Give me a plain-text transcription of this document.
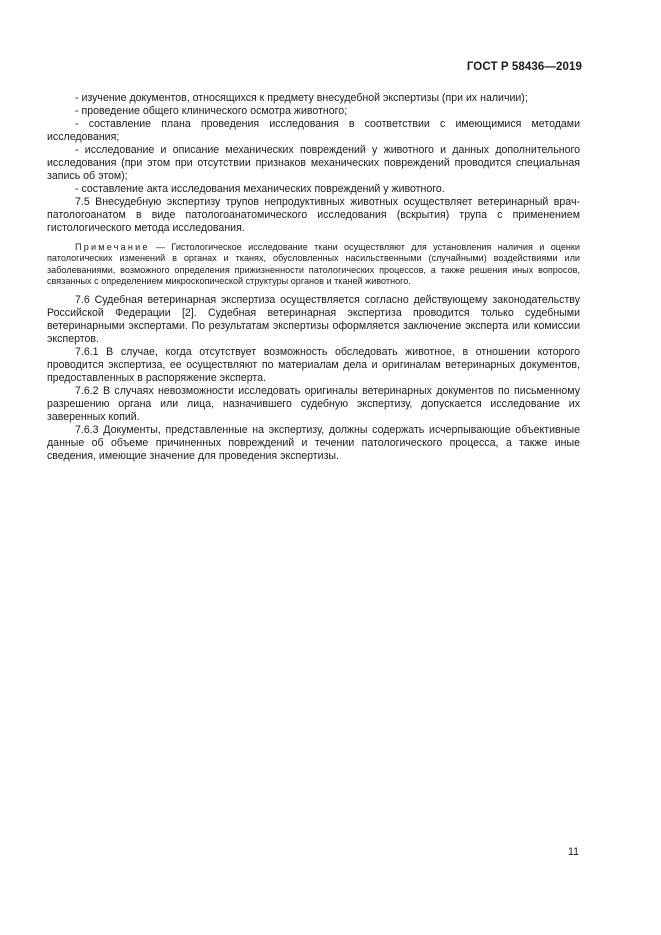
ГОСТ Р 58436—2019

- изучение документов, относящихся к предмету внесудебной экспертизы (при их наличии);

- проведение общего клинического осмотра животного;

- составление плана проведения исследования в соответствии с имеющимися методами исследования;

- исследование и описание механических повреждений у животного и данных дополнительного исследования (при этом при отсутствии признаков механических повреждений проводится специальная запись об этом);

- составление акта исследования механических повреждений у животного.

7.5 Внесудебную экспертизу трупов непродуктивных животных осуществляет ветеринарный врач-патологоанатом в виде патологоанатомического исследования (вскрытия) трупа с применением гистологического метода исследования.

Примечание — Гистологическое исследование ткани осуществляют для установления наличия и оценки патологических изменений в органах и тканях, обусловленных насильственными (случайными) воздействиями или заболеваниями, возможного определения прижизненности патологических процессов, а также решения иных вопросов, связанных с определением микроскопической структуры органов и тканей животного.

7.6 Судебная ветеринарная экспертиза осуществляется согласно действующему законодательству Российской Федерации [2]. Судебная ветеринарная экспертиза проводится только судебными ветеринарными экспертами. По результатам экспертизы оформляется заключение эксперта или комиссии экспертов.

7.6.1 В случае, когда отсутствует возможность обследовать животное, в отношении которого проводится экспертиза, ее осуществляют по материалам дела и оригиналам ветеринарных документов, предоставленных в распоряжение эксперта.

7.6.2 В случаях невозможности исследовать оригиналы ветеринарных документов по письменному разрешению органа или лица, назначившего судебную экспертизу, допускается исследование их заверенных копий.

7.6.3 Документы, представленные на экспертизу, должны содержать исчерпывающие объективные данные об объеме причиненных повреждений и течении патологического процесса, а также иные сведения, имеющие значение для проведения экспертизы.

11
